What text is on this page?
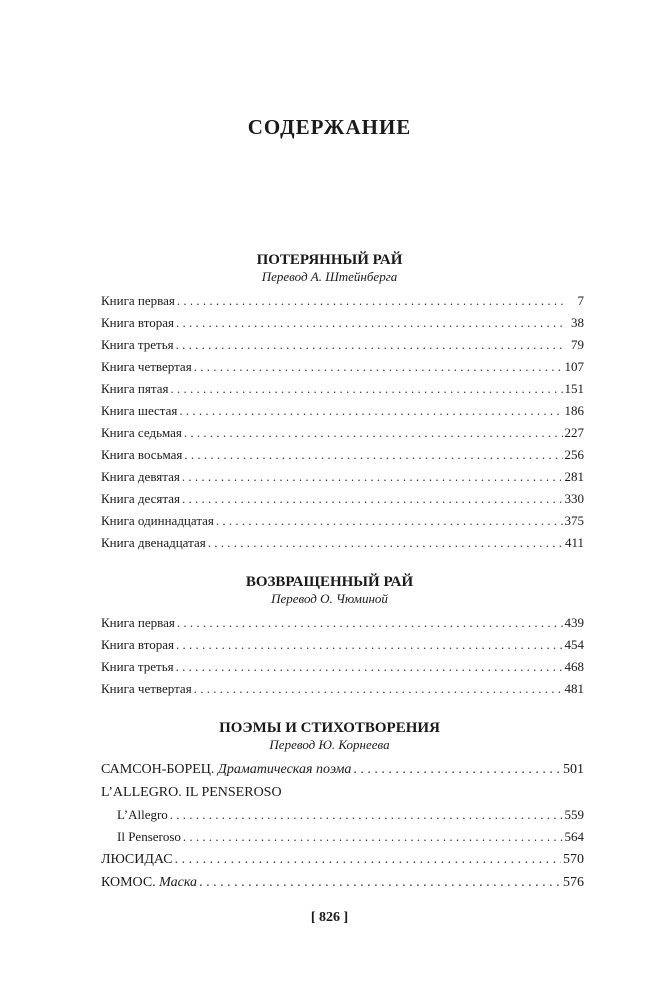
СОДЕРЖАНИЕ
ПОТЕРЯННЫЙ РАЙ
Перевод А. Штейнберга
Книга первая . . .	7
Книга вторая . . .	38
Книга третья . . .	79
Книга четвертая . . .	107
Книга пятая . . .	151
Книга шестая . . .	186
Книга седьмая . . .	227
Книга восьмая . . .	256
Книга девятая . . .	281
Книга десятая . . .	330
Книга одиннадцатая . . .	375
Книга двенадцатая . . .	411
ВОЗВРАЩЕННЫЙ РАЙ
Перевод О. Чюминой
Книга первая . . .	439
Книга вторая . . .	454
Книга третья . . .	468
Книга четвертая . . .	481
ПОЭМЫ И СТИХОТВОРЕНИЯ
Перевод Ю. Корнеева
САМСОН-БОРЕЦ. Драматическая поэма . . .	501
L’ALLEGRO. IL PENSEROSO
L’Allegro . . .	559
Il Penseroso . . .	564
ЛЮСИДАС . . .	570
КОМОС. Маска . . .	576
[ 826 ]
